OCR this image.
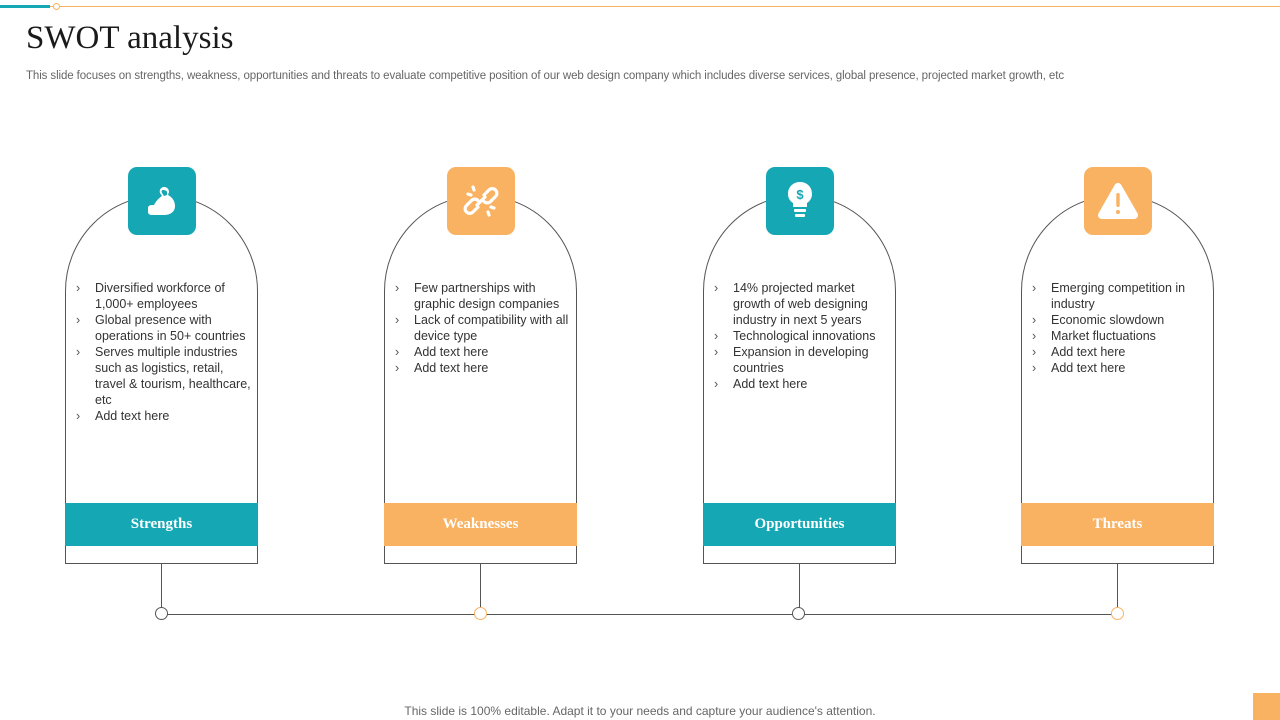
SWOT analysis

This slide focuses on strengths, weakness, opportunities and threats to evaluate competitive position of our web design company which includes diverse services, global presence, projected market growth, etc

› Diversified workforce of 1,000+ employees
› Global presence with operations in 50+ countries
› Serves multiple industries such as logistics, retail, travel & tourism, healthcare, etc
› Add text here
Strengths
› Few partnerships with graphic design companies
› Lack of compatibility with all device type
› Add text here
› Add text here
Weaknesses
$
› 14% projected market growth of web designing industry in next 5 years
› Technological innovations
› Expansion in developing countries
› Add text here
Opportunities
› Emerging competition in industry
› Economic slowdown
› Market fluctuations
› Add text here
› Add text here
Threats

This slide is 100% editable. Adapt it to your needs and capture your audience's attention.
